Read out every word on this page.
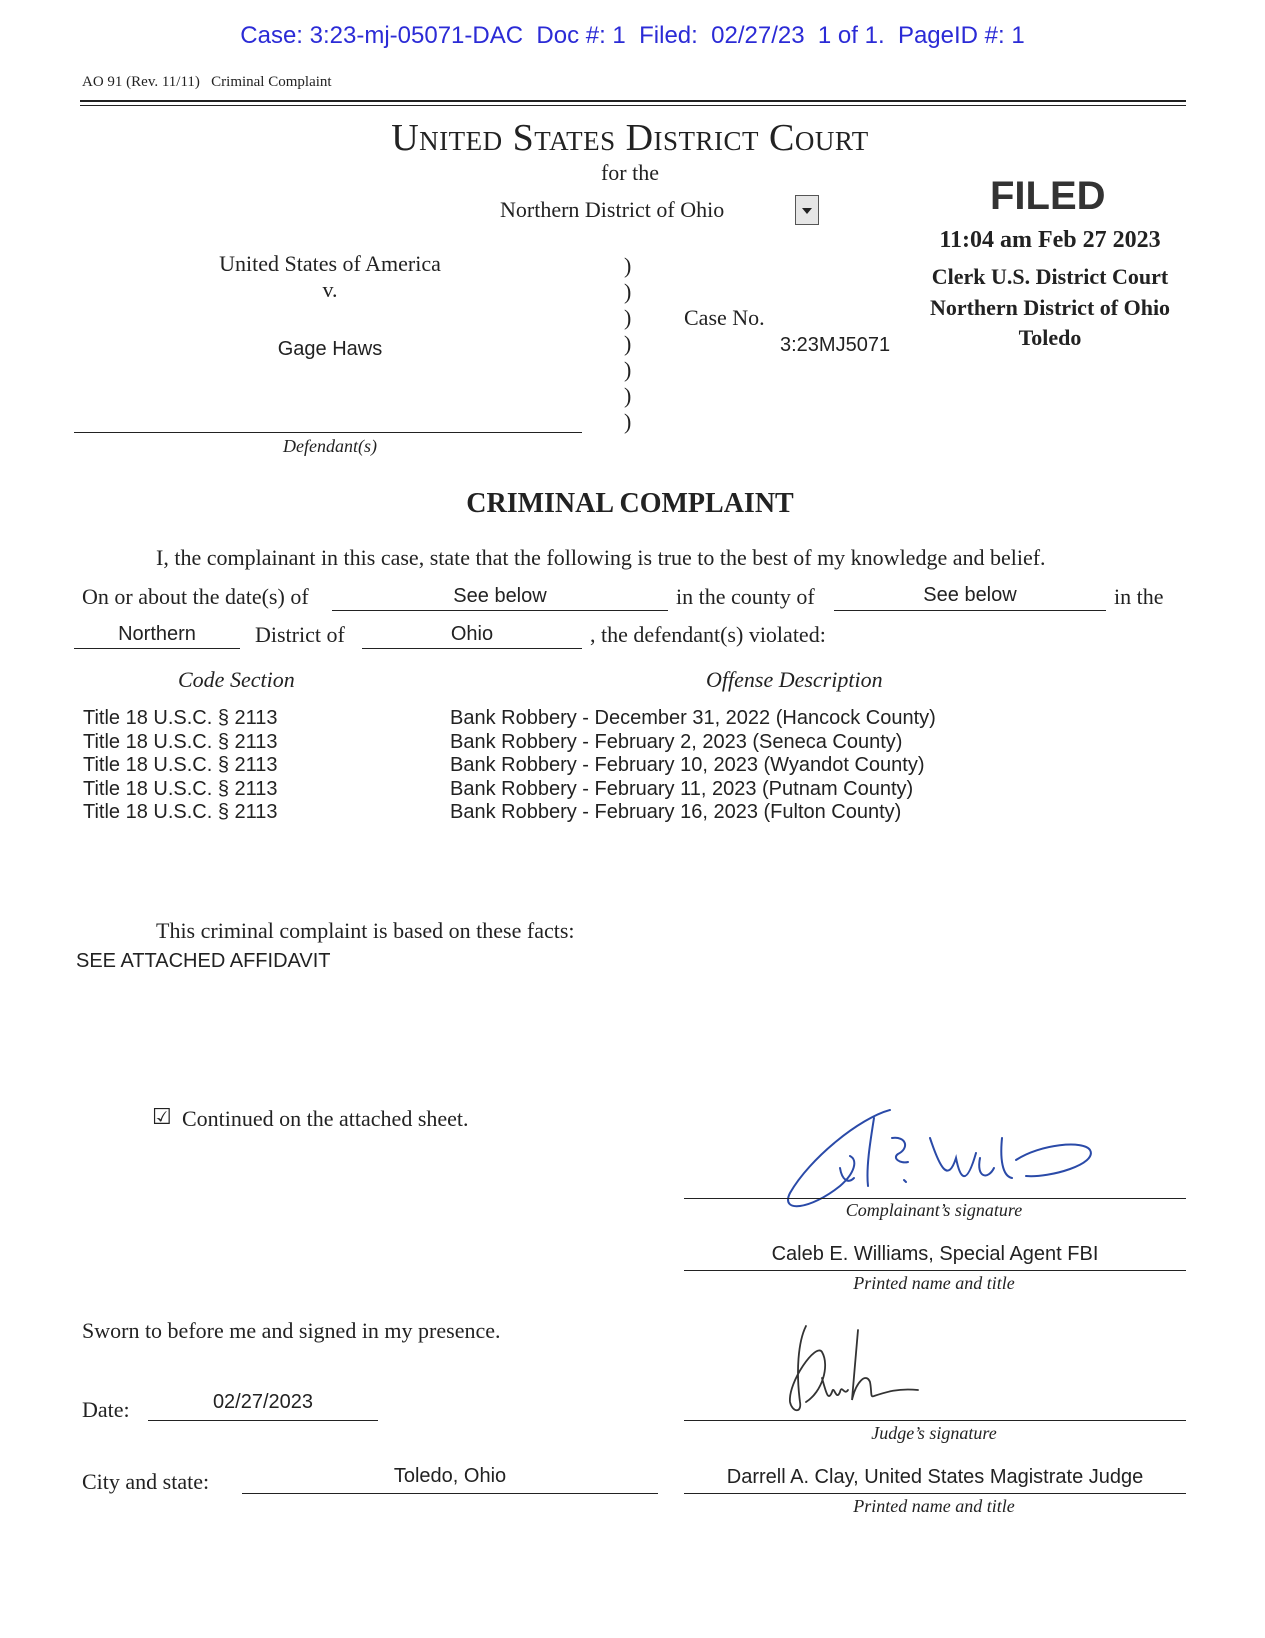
Case: 3:23-mj-05071-DAC  Doc #: 1  Filed:  02/27/23  1 of 1.  PageID #: 1
AO 91 (Rev. 11/11)   Criminal Complaint
United States District Court
for the
Northern District of Ohio	FILED
11:04 am Feb 27 2023
Clerk U.S. District Court
Northern District of Ohio
Toledo
United States of America
v.
Gage Haws
Defendant(s)
)
)
)
)
)
)
)
Case No.
3:23MJ5071
CRIMINAL COMPLAINT
I, the complainant in this case, state that the following is true to the best of my knowledge and belief.
On or about the date(s) of	See below	in the county of	See below	in the
Northern	District of	Ohio	, the defendant(s) violated:
Code Section	Offense Description
Title 18 U.S.C. § 2113	Bank Robbery - December 31, 2022 (Hancock County)
Title 18 U.S.C. § 2113	Bank Robbery - February 2, 2023 (Seneca County)
Title 18 U.S.C. § 2113	Bank Robbery - February 10, 2023 (Wyandot County)
Title 18 U.S.C. § 2113	Bank Robbery - February 11, 2023 (Putnam County)
Title 18 U.S.C. § 2113	Bank Robbery - February 16, 2023 (Fulton County)
This criminal complaint is based on these facts:
SEE ATTACHED AFFIDAVIT
☑ Continued on the attached sheet.
Complainant’s signature
Caleb E. Williams, Special Agent FBI
Printed name and title
Sworn to before me and signed in my presence.
Judge’s signature
Date:	02/27/2023
City and state:	Toledo, Ohio	Darrell A. Clay, United States Magistrate Judge
Printed name and title
